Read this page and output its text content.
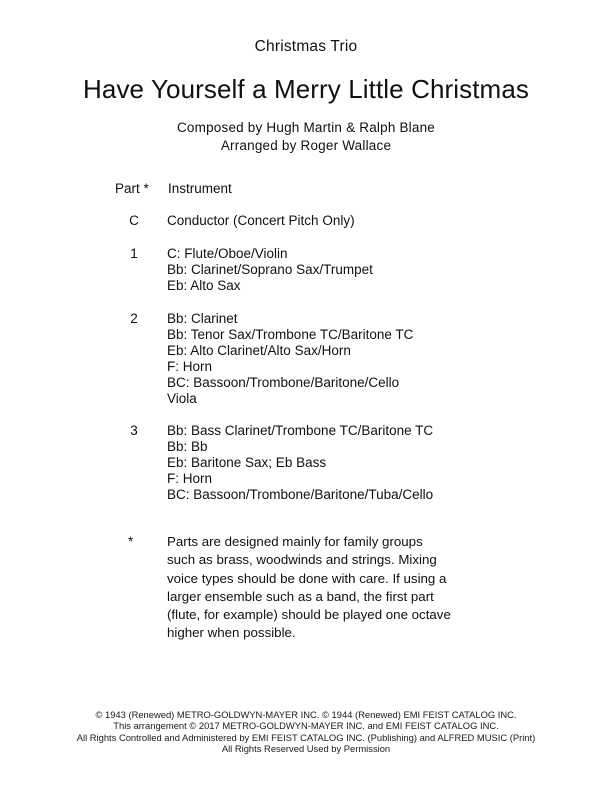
Christmas Trio
Have Yourself a Merry Little Christmas
Composed by Hugh Martin & Ralph Blane
Arranged by Roger Wallace
Part * Instrument
C	Conductor (Concert Pitch Only)
1	C: Flute/Oboe/Violin
Bb: Clarinet/Soprano Sax/Trumpet
Eb: Alto Sax
2	Bb: Clarinet
Bb: Tenor Sax/Trombone TC/Baritone TC
Eb: Alto Clarinet/Alto Sax/Horn
F: Horn
BC: Bassoon/Trombone/Baritone/Cello
Viola
3	Bb: Bass Clarinet/Trombone TC/Baritone TC
Bb: Bb
Eb: Baritone Sax; Eb Bass
F: Horn
BC: Bassoon/Trombone/Baritone/Tuba/Cello
*	Parts are designed mainly for family groups
such as brass, woodwinds and strings. Mixing
voice types should be done with care. If using a
larger ensemble such as a band, the first part
(flute, for example) should be played one octave
higher when possible.
© 1943 (Renewed) METRO-GOLDWYN-MAYER INC. © 1944 (Renewed) EMI FEIST CATALOG INC.
This arrangement © 2017 METRO-GOLDWYN-MAYER INC. and EMI FEIST CATALOG INC.
All Rights Controlled and Administered by EMI FEIST CATALOG INC. (Publishing) and ALFRED MUSIC (Print)
All Rights Reserved Used by Permission
